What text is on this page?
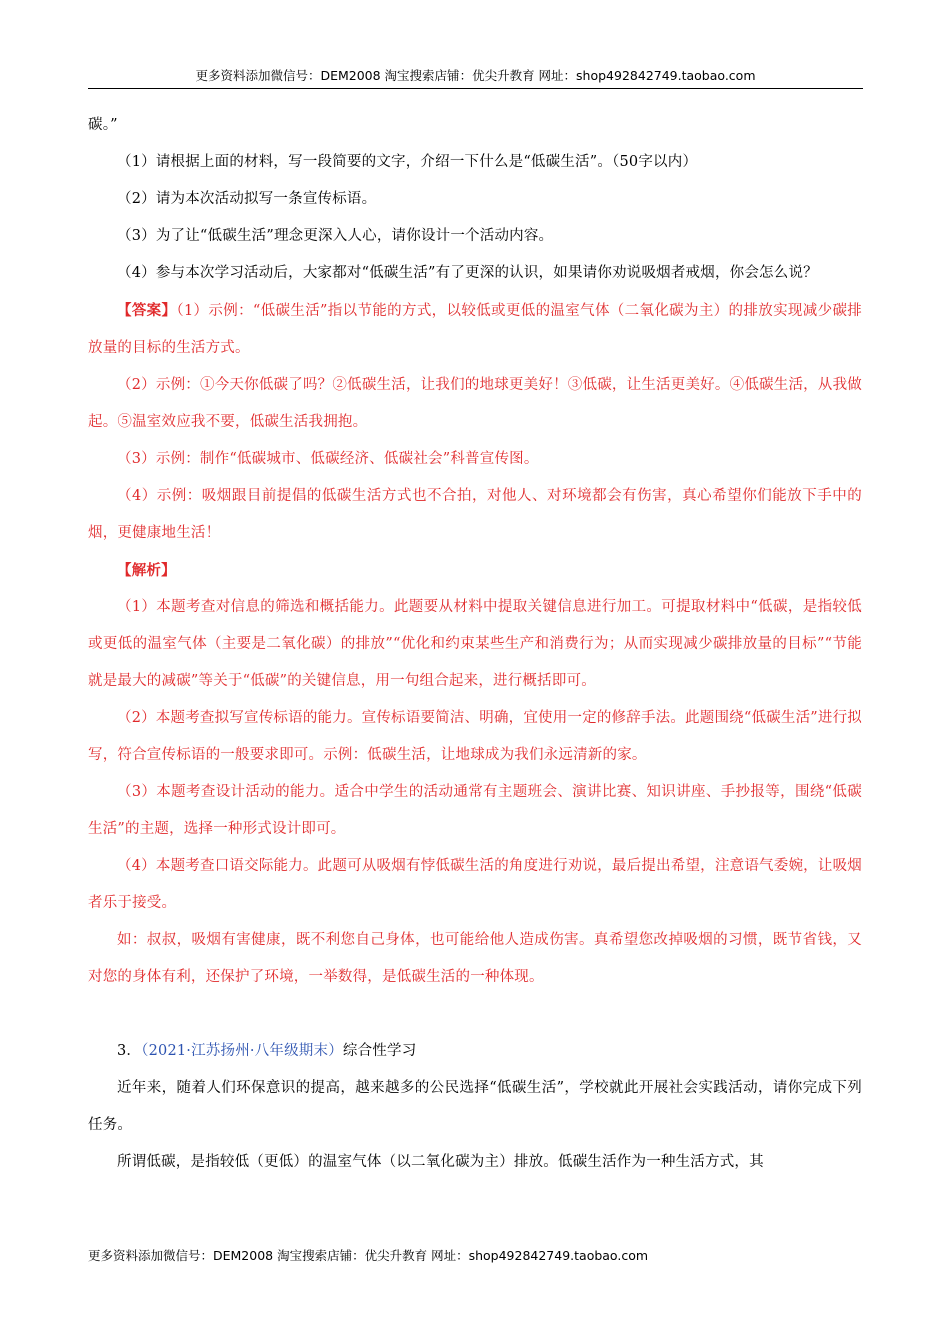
更多资料添加微信号：DEM2008 淘宝搜索店铺：优尖升教育 网址：shop492842749.taobao.com

碳。”

（1）请根据上面的材料，写一段简要的文字，介绍一下什么是“低碳生活”。（50字以内）

（2）请为本次活动拟写一条宣传标语。

（3）为了让“低碳生活”理念更深入人心，请你设计一个活动内容。

（4）参与本次学习活动后，大家都对“低碳生活”有了更深的认识，如果请你劝说吸烟者戒烟，你会怎么说？

【答案】（1）示例：“低碳生活”指以节能的方式，以较低或更低的温室气体（二氧化碳为主）的排放实现减少碳排放量的目标的生活方式。

（2）示例：①今天你低碳了吗？②低碳生活，让我们的地球更美好！③低碳，让生活更美好。④低碳生活，从我做起。⑤温室效应我不要，低碳生活我拥抱。

（3）示例：制作“低碳城市、低碳经济、低碳社会”科普宣传图。

（4）示例：吸烟跟目前提倡的低碳生活方式也不合拍，对他人、对环境都会有伤害，真心希望你们能放下手中的烟，更健康地生活！

【解析】

（1）本题考查对信息的筛选和概括能力。此题要从材料中提取关键信息进行加工。可提取材料中“低碳，是指较低或更低的温室气体（主要是二氧化碳）的排放”“优化和约束某些生产和消费行为；从而实现减少碳排放量的目标”“节能就是最大的减碳”等关于“低碳”的关键信息，用一句组合起来，进行概括即可。

（2）本题考查拟写宣传标语的能力。宣传标语要简洁、明确，宜使用一定的修辞手法。此题围绕“低碳生活”进行拟写，符合宣传标语的一般要求即可。示例：低碳生活，让地球成为我们永远清新的家。

（3）本题考查设计活动的能力。适合中学生的活动通常有主题班会、演讲比赛、知识讲座、手抄报等，围绕“低碳生活”的主题，选择一种形式设计即可。

（4）本题考查口语交际能力。此题可从吸烟有悖低碳生活的角度进行劝说，最后提出希望，注意语气委婉，让吸烟者乐于接受。

如：叔叔，吸烟有害健康，既不利您自己身体，也可能给他人造成伤害。真希望您改掉吸烟的习惯，既节省钱，又对您的身体有利，还保护了环境，一举数得，是低碳生活的一种体现。

3．（2021·江苏扬州·八年级期末）综合性学习

近年来，随着人们环保意识的提高，越来越多的公民选择“低碳生活”，学校就此开展社会实践活动，请你完成下列任务。

所谓低碳，是指较低（更低）的温室气体（以二氧化碳为主）排放。低碳生活作为一种生活方式，其

更多资料添加微信号：DEM2008 淘宝搜索店铺：优尖升教育 网址：shop492842749.taobao.com
